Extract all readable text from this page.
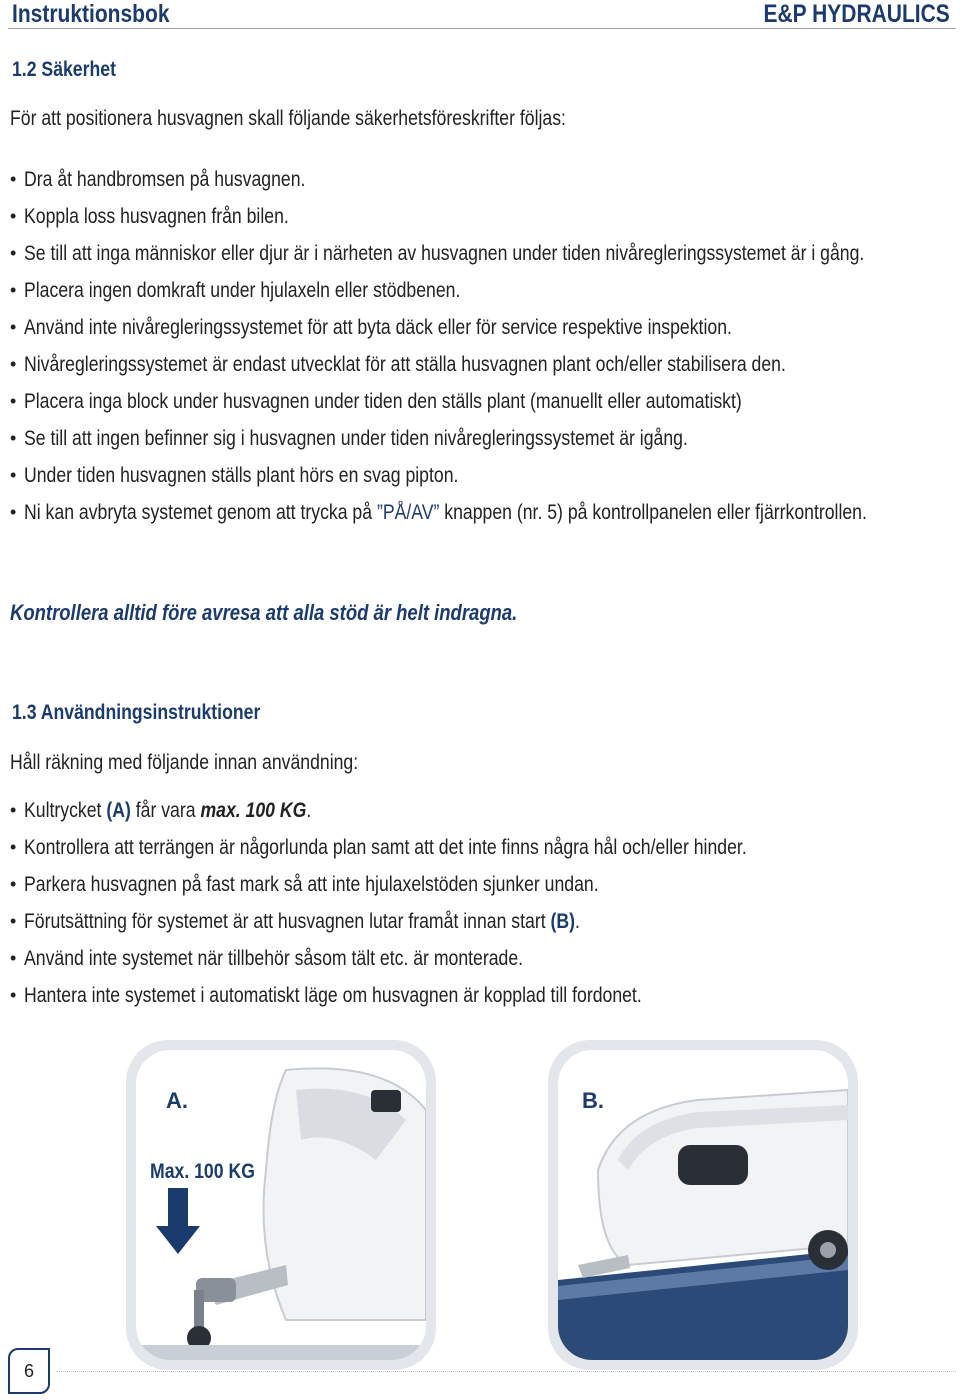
Instruktionsbok	E&P HYDRAULICS
1.2 Säkerhet
För att positionera husvagnen skall följande säkerhetsföreskrifter följas:
• Dra åt handbromsen på husvagnen.
• Koppla loss husvagnen från bilen.
• Se till att inga människor eller djur är i närheten av husvagnen under tiden nivåregleringssystemet är i gång.
• Placera ingen domkraft under hjulaxeln eller stödbenen.
• Använd inte nivåregleringssystemet för att byta däck eller för service respektive inspektion.
• Nivåregleringssystemet är endast utvecklat för att ställa husvagnen plant och/eller stabilisera den.
• Placera inga block under husvagnen under tiden den ställs plant (manuellt eller automatiskt)
• Se till att ingen befinner sig i husvagnen under tiden nivåregleringssystemet är igång.
• Under tiden husvagnen ställs plant hörs en svag pipton.
• Ni kan avbryta systemet genom att trycka på ”PÅ/AV” knappen (nr. 5) på kontrollpanelen eller fjärrkontrollen.
Kontrollera alltid före avresa att alla stöd är helt indragna.
1.3 Användningsinstruktioner
Håll räkning med följande innan användning:
• Kultrycket (A) får vara max. 100 KG.
• Kontrollera att terrängen är någorlunda plan samt att det inte finns några hål och/eller hinder.
• Parkera husvagnen på fast mark så att inte hjulaxelstöden sjunker undan.
• Förutsättning för systemet är att husvagnen lutar framåt innan start (B).
• Använd inte systemet när tillbehör såsom tält etc. är monterade.
• Hantera inte systemet i automatiskt läge om husvagnen är kopplad till fordonet.
A.
Max. 100 KG
B.
6
